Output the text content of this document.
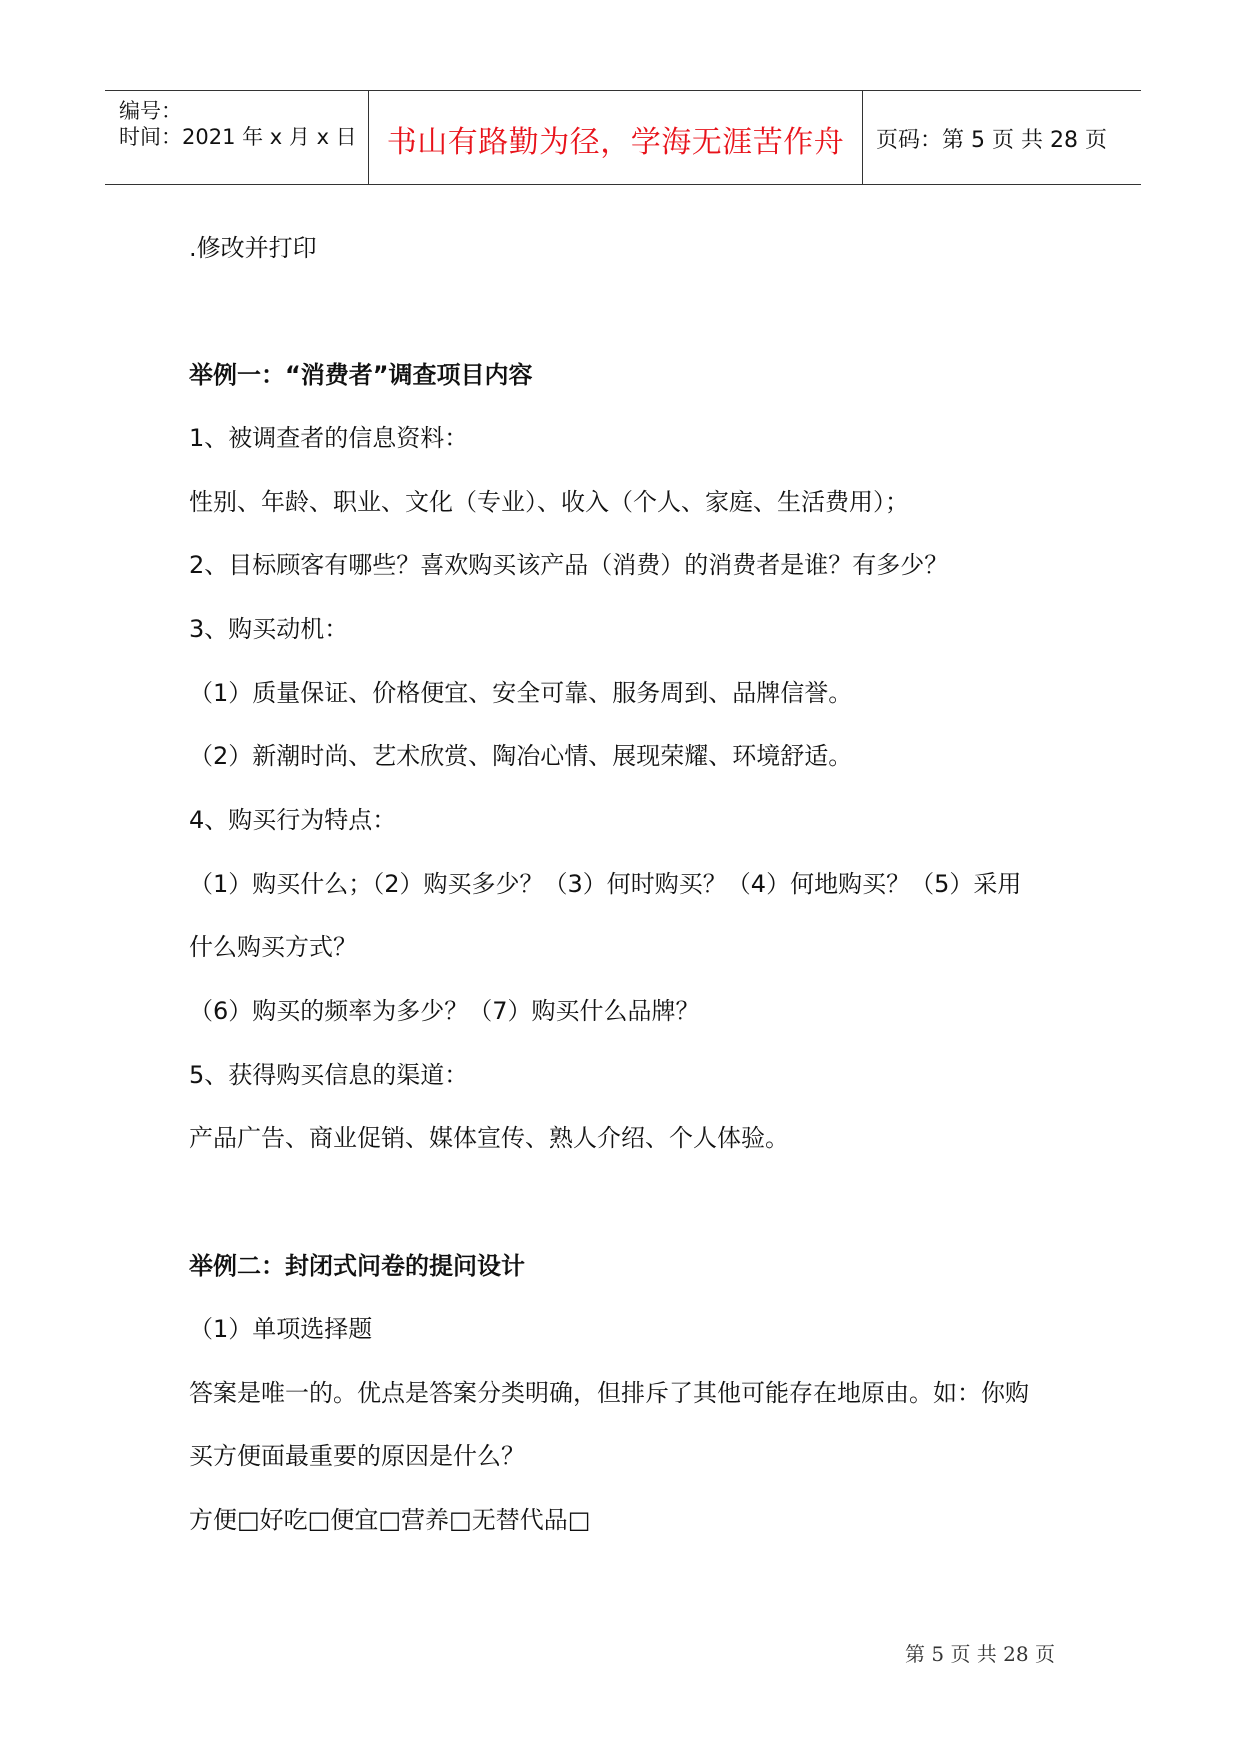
编号：
时间：2021 年 x 月 x 日	书山有路勤为径，学海无涯苦作舟	页码：第 5 页 共 28 页
.修改并打印
举例一：“消费者”调查项目内容
1、被调查者的信息资料：
性别、年龄、职业、文化（专业）、收入（个人、家庭、生活费用）；
2、目标顾客有哪些？喜欢购买该产品（消费）的消费者是谁？有多少？
3、购买动机：
（1）质量保证、价格便宜、安全可靠、服务周到、品牌信誉。
（2）新潮时尚、艺术欣赏、陶冶心情、展现荣耀、环境舒适。
4、购买行为特点：
（1）购买什么；（2）购买多少？（3）何时购买？（4）何地购买？（5）采用
什么购买方式？
（6）购买的频率为多少？（7）购买什么品牌？
5、获得购买信息的渠道：
产品广告、商业促销、媒体宣传、熟人介绍、个人体验。
举例二：封闭式问卷的提问设计
（1）单项选择题
答案是唯一的。优点是答案分类明确，但排斥了其他可能存在地原由。如：你购
买方便面最重要的原因是什么？
方便□好吃□便宜□营养□无替代品□
第 5 页 共 28 页
